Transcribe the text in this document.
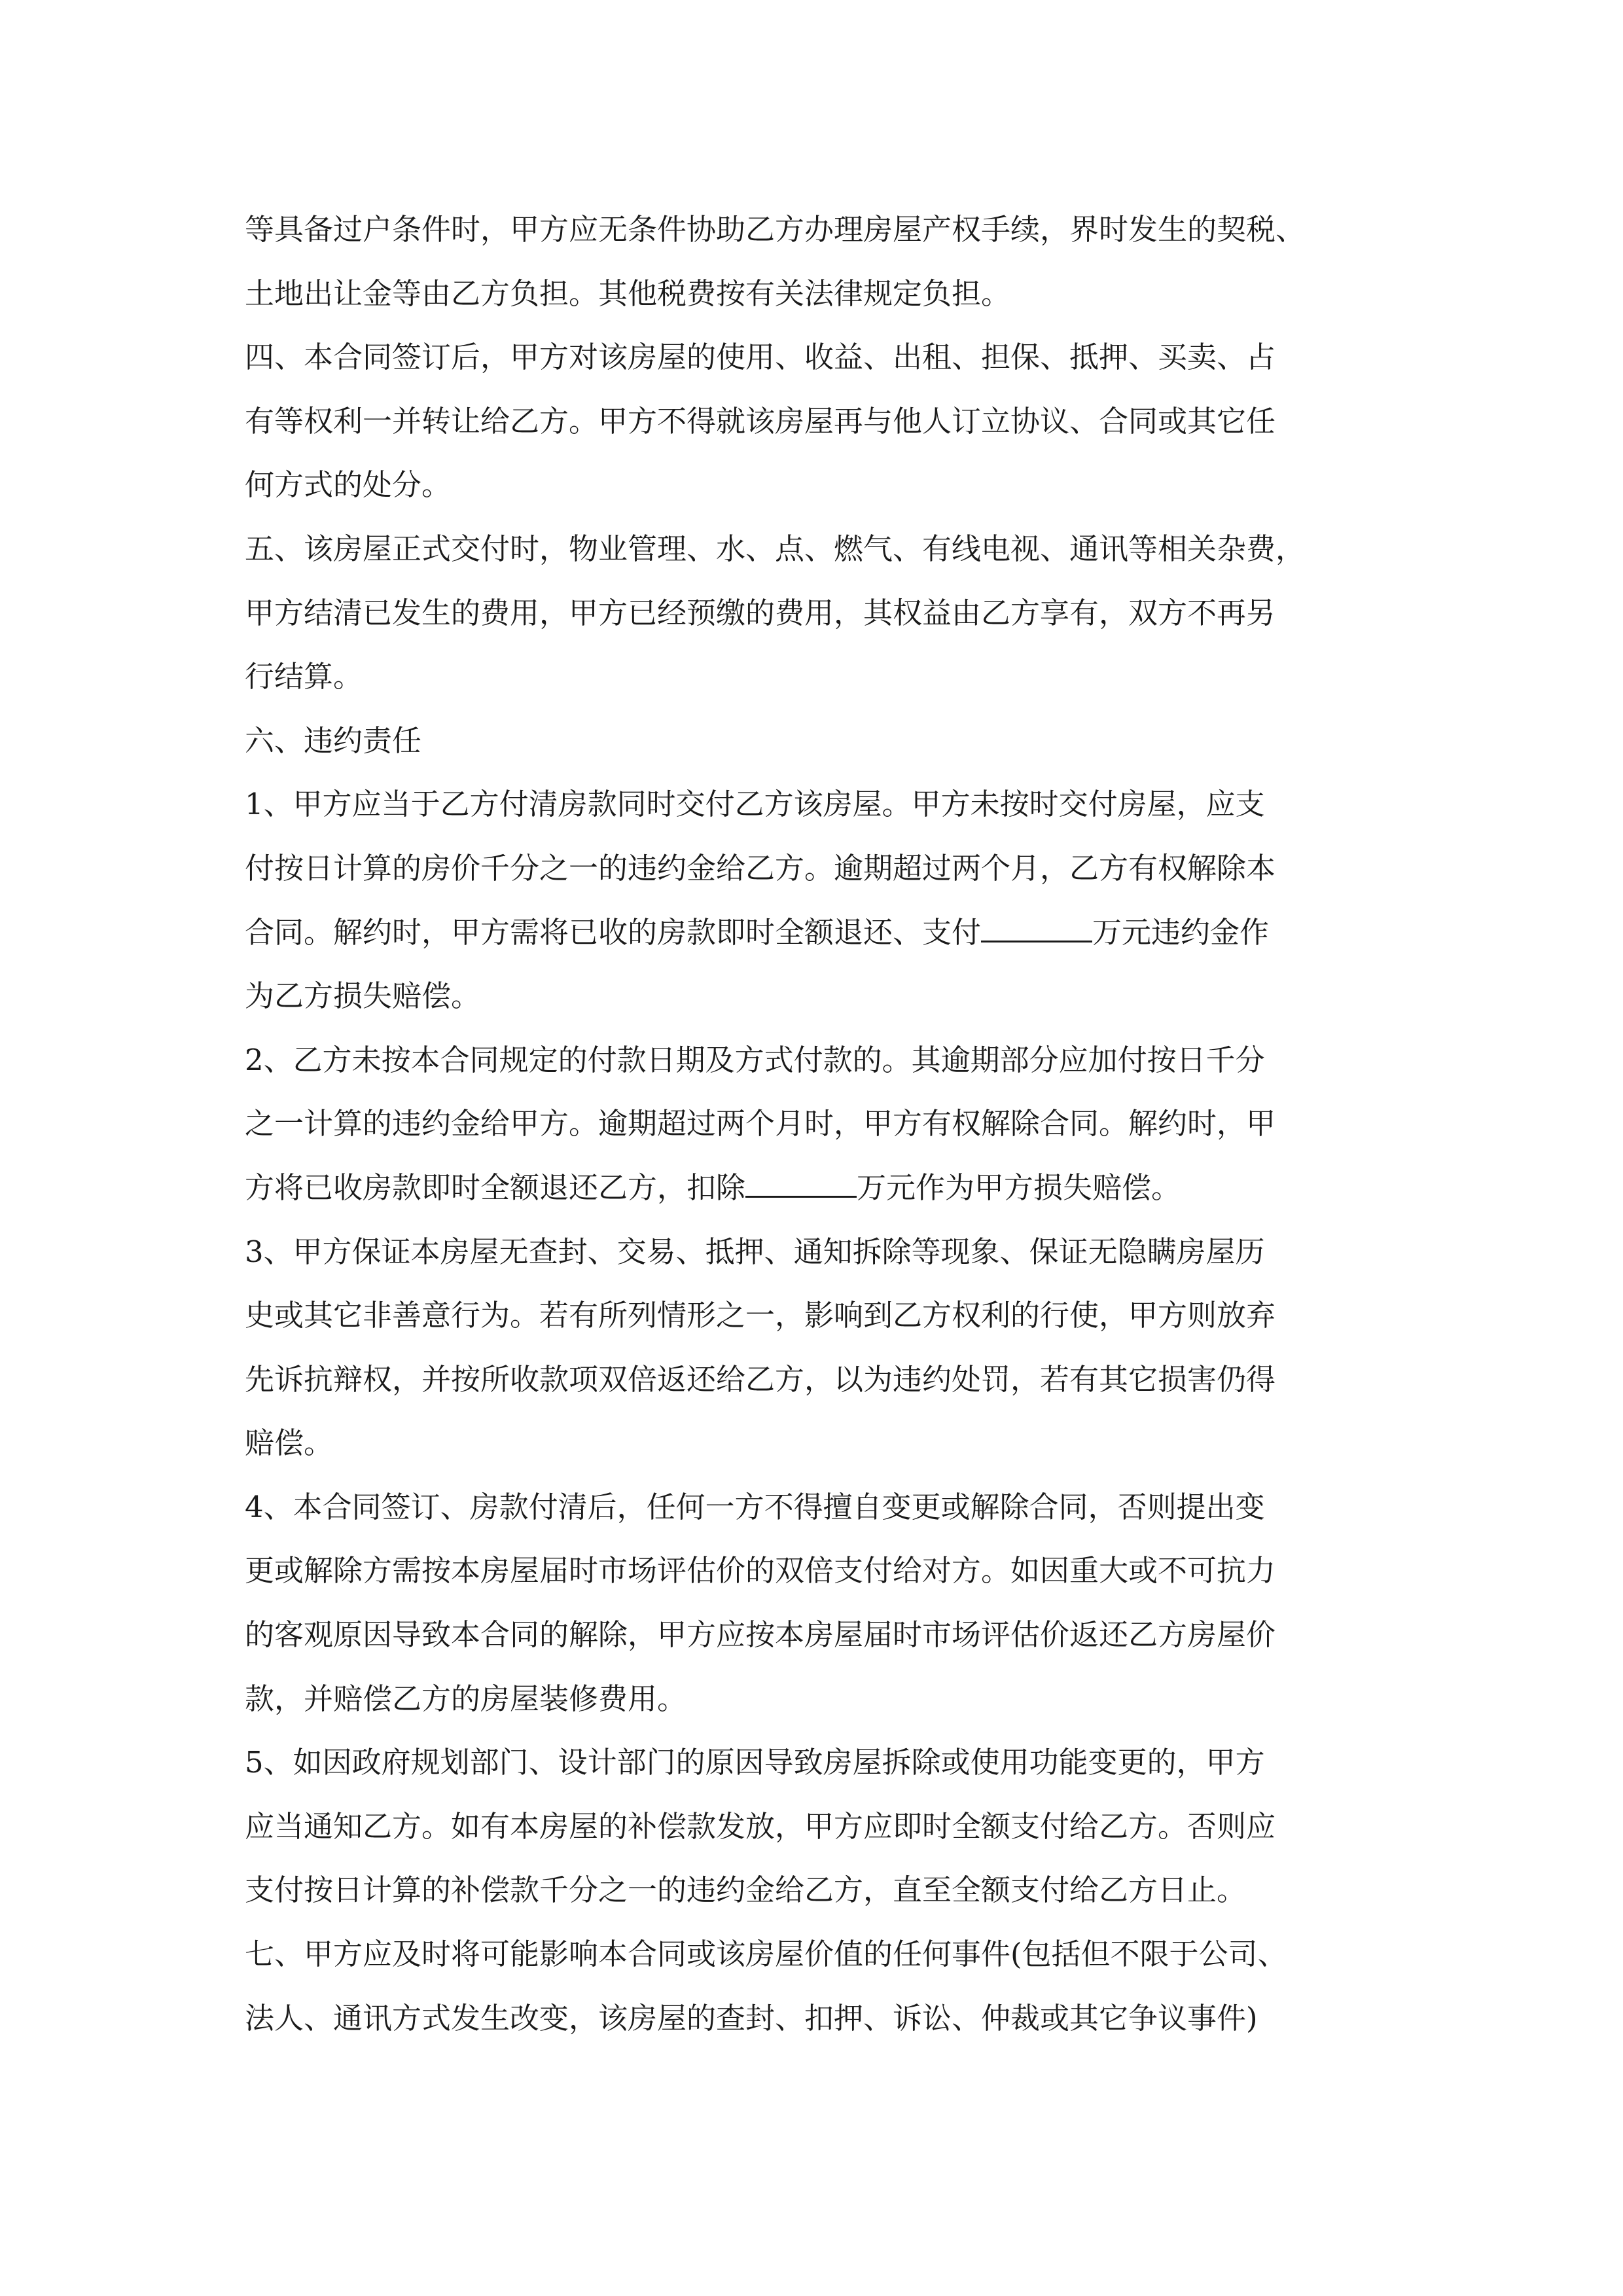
等具备过户条件时，甲方应无条件协助乙方办理房屋产权手续，界时发生的契税、
土地出让金等由乙方负担。其他税费按有关法律规定负担。
四、本合同签订后，甲方对该房屋的使用、收益、出租、担保、抵押、买卖、占
有等权利一并转让给乙方。甲方不得就该房屋再与他人订立协议、合同或其它任
何方式的处分。
五、该房屋正式交付时，物业管理、水、点、燃气、有线电视、通讯等相关杂费，
甲方结清已发生的费用，甲方已经预缴的费用，其权益由乙方享有，双方不再另
行结算。
六、违约责任
1、甲方应当于乙方付清房款同时交付乙方该房屋。甲方未按时交付房屋，应支
付按日计算的房价千分之一的违约金给乙方。逾期超过两个月，乙方有权解除本
合同。解约时，甲方需将已收的房款即时全额退还、支付	万元违约金作
为乙方损失赔偿。
2、乙方未按本合同规定的付款日期及方式付款的。其逾期部分应加付按日千分
之一计算的违约金给甲方。逾期超过两个月时，甲方有权解除合同。解约时，甲
方将已收房款即时全额退还乙方，扣除	万元作为甲方损失赔偿。
3、甲方保证本房屋无查封、交易、抵押、通知拆除等现象、保证无隐瞒房屋历
史或其它非善意行为。若有所列情形之一，影响到乙方权利的行使，甲方则放弃
先诉抗辩权，并按所收款项双倍返还给乙方，以为违约处罚，若有其它损害仍得
赔偿。
4、本合同签订、房款付清后，任何一方不得擅自变更或解除合同，否则提出变
更或解除方需按本房屋届时市场评估价的双倍支付给对方。如因重大或不可抗力
的客观原因导致本合同的解除，甲方应按本房屋届时市场评估价返还乙方房屋价
款，并赔偿乙方的房屋装修费用。
5、如因政府规划部门、设计部门的原因导致房屋拆除或使用功能变更的，甲方
应当通知乙方。如有本房屋的补偿款发放，甲方应即时全额支付给乙方。否则应
支付按日计算的补偿款千分之一的违约金给乙方，直至全额支付给乙方日止。
七、甲方应及时将可能影响本合同或该房屋价值的任何事件(包括但不限于公司、
法人、通讯方式发生改变，该房屋的查封、扣押、诉讼、仲裁或其它争议事件)
